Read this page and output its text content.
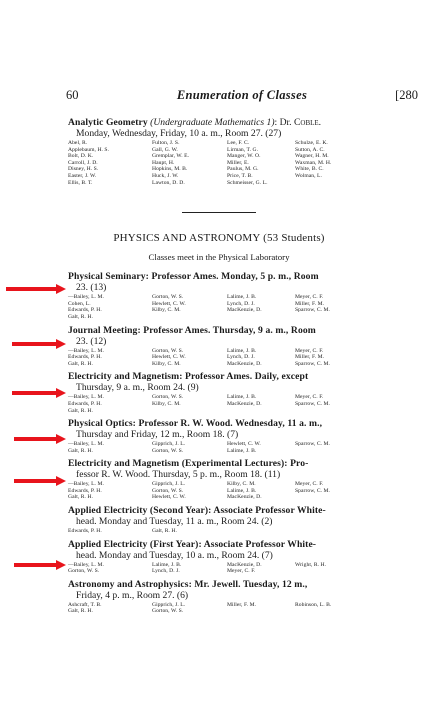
60	Enumeration of Classes	[280
Analytic Geometry (Undergraduate Mathematics 1): Dr. Coble.
Monday, Wednesday, Friday, 10 a. m., Room 27. (27)
Abel, R.	Fulton, J. S.	Lee, F. C.	Schulze, E. K.
Applebaum, H. S.	Gall, G. W.	Lirman, T. G.	Sutton, A. C.
Bolt, D. K.	Gremplar, W. E.	Manger, W. O.	Wagner, H. M.
Carroll, J. D.	Haupt, H.	Miller, E.	Waxman, M. H.
Disney, H. S.	Hopkins, M. B.	Paulus, M. G.	White, B. C.
Easter, J. W.	Huck, J. W.	Price, T. B.	Wolman, L.
Ellis, B. T.	Lawton, D. D.	Schmeisser, G. L.	
PHYSICS AND ASTRONOMY (53 Students)
Classes meet in the Physical Laboratory
Physical Seminary: Professor Ames. Monday, 5 p. m., Room
23. (13)
—Bailey, L. M.	Gorton, W. S.	Lalime, J. B.	Meyer, C. F.
Cohen, L.	Hewlett, C. W.	Lynch, D. J.	Miller, F. M.
Edwards, P. H.	Kilby, C. M.	MacKenzie, D.	Sparrow, C. M.
Galt, R. H.			
Journal Meeting: Professor Ames. Thursday, 9 a. m., Room
23. (12)
—Bailey, L. M.	Gorton, W. S.	Lalime, J. B.	Meyer, C. F.
Edwards, P. H.	Hewlett, C. W.	Lynch, D. J.	Miller, F. M.
Galt, R. H.	Kilby, C. M.	MacKenzie, D.	Sparrow, C. M.
Electricity and Magnetism: Professor Ames. Daily, except
Thursday, 9 a. m., Room 24. (9)
—Bailey, L. M.	Gorton, W. S.	Lalime, J. B.	Meyer, C. F.
Edwards, P. H.	Kilby, C. M.	MacKenzie, D.	Sparrow, C. M.
Galt, R. H.			
Physical Optics: Professor R. W. Wood. Wednesday, 11 a. m.,
Thursday and Friday, 12 m., Room 18. (7)
—Bailey, L. M.	Gipprich, J. L.	Hewlett, C. W.	Sparrow, C. M.
Galt, R. H.	Gorton, W. S.	Lalime, J. B.	
Electricity and Magnetism (Experimental Lectures): Pro-
fessor R. W. Wood. Thursday, 5 p. m., Room 18. (11)
—Bailey, L. M.	Gipprich, J. L.	Kilby, C. M.	Meyer, C. F.
Edwards, P. H.	Gorton, W. S.	Lalime, J. B.	Sparrow, C. M.
Galt, R. H.	Hewlett, C. W.	MacKenzie, D.	
Applied Electricity (Second Year): Associate Professor White-
head. Monday and Tuesday, 11 a. m., Room 24. (2)
Edwards, P. H.	Galt, R. H.		
Applied Electricity (First Year): Associate Professor White-
head. Monday and Tuesday, 10 a. m., Room 24. (7)
—Bailey, L. M.	Lalime, J. B.	MacKenzie, D.	Wright, R. H.
Gorton, W. S.	Lynch, D. J.	Meyer, C. F.	
Astronomy and Astrophysics: Mr. Jewell. Tuesday, 12 m.,
Friday, 4 p. m., Room 27. (6)
Ashcraft, T. B.	Gipprich, J. L.	Miller, F. M.	Robinson, L. B.
Galt, R. H.	Gorton, W. S.		
